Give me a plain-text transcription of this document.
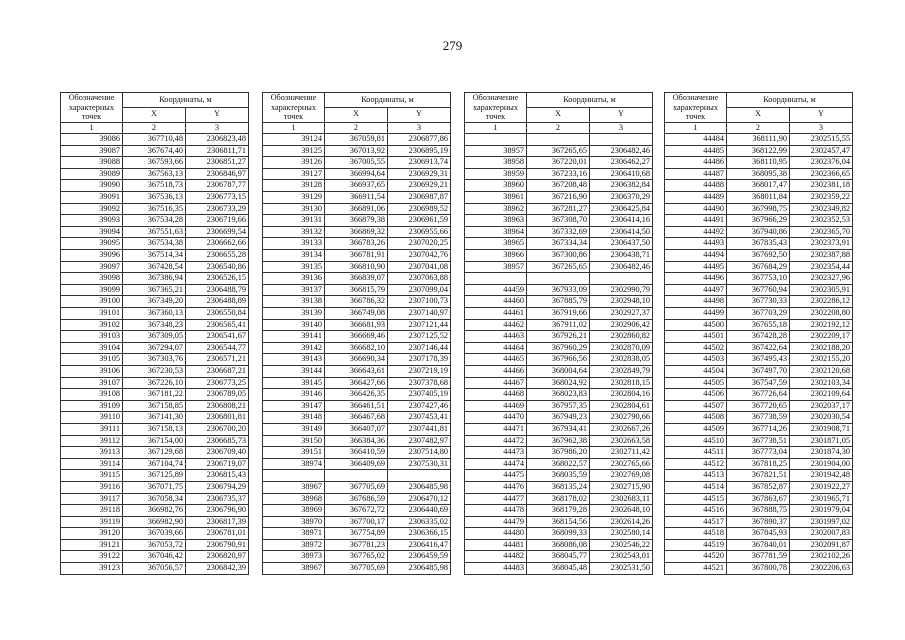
279
Обозначение характерных точек	Координаты, м	
	X	Y
1	2	3
39086	367710,48	2306823,48
39087	367674,40	2306811,71
39088	367593,66	2306851,27
39089	367563,13	2306846,97
39090	367518,73	2306787,77
39091	367536,13	2306773,15
39092	367516,35	2306733,29
39093	367534,28	2306719,66
39094	367551,63	2306699,54
39095	367534,38	2306662,66
39096	367514,34	2306655,28
39097	367428,54	2306540,86
39098	367386,94	2306526,15
39099	367365,21	2306488,79
39100	367349,20	2306488,89
39101	367360,13	2306550,84
39102	367348,23	2306565,41
39103	367309,05	2306541,67
39104	367294,07	2306544,77
39105	367303,76	2306571,21
39106	367230,53	2306687,21
39107	367226,10	2306773,25
39108	367181,22	2306789,05
39109	367158,85	2306808,21
39110	367141,30	2306801,81
39111	367158,13	2306700,20
39112	367154,00	2306685,73
39113	367129,68	2306709,40
39114	367104,74	2306719,07
39115	367125,89	2306815,43
39116	367071,75	2306794,29
39117	367058,34	2306735,37
39118	366982,76	2306796,90
39119	366982,90	2306817,39
39120	367039,66	2306781,01
39121	367053,72	2306790,91
39122	367046,42	2306820,97
39123	367056,57	2306842,39
Обозначение характерных точек	Координаты, м	
	X	Y
1	2	3
39124	367059,81	2306877,86
39125	367013,92	2306895,19
39126	367005,55	2306913,74
39127	366994,64	2306929,31
39128	366937,65	2306929,21
39129	366911,54	2306987,87
39130	366891,06	2306989,52
39131	366879,38	2306961,59
39132	366869,32	2306955,66
39133	366783,26	2307020,25
39134	366781,91	2307042,76
39135	366810,90	2307041,08
39136	366839,07	2307063,88
39137	366815,79	2307099,04
39138	366786,32	2307100,73
39139	366749,08	2307140,97
39140	366681,93	2307121,44
39141	366669,46	2307125,52
39142	366682,10	2307146,44
39143	366690,34	2307178,39
39144	366643,61	2307219,19
39145	366427,66	2307378,68
39146	366426,35	2307405,19
39147	366461,51	2307427,46
39148	366467,68	2307453,41
39149	366407,07	2307441,81
39150	366384,36	2307482,97
39151	366410,59	2307514,80
38974	366409,69	2307530,31

38967	367705,69	2306485,98
38968	367686,59	2306470,12
38969	367672,72	2306440,69
38970	367700,17	2306335,02
38971	367754,89	2306366,15
38972	367781,23	2306416,47
38973	367765,02	2306459,59
38967	367705,69	2306485,98
Обозначение характерных точек	Координаты, м	
	X	Y
1	2	3

38957	367265,65	2306482,46
38958	367220,01	2306462,27
38959	367233,16	2306410,68
38960	367208,48	2306382,84
38961	367216,90	2306370,29
38962	367281,27	2306425,84
38963	367308,70	2306414,16
38964	367332,69	2306414,50
38965	367334,34	2306437,50
38966	367300,86	2306438,71
38957	367265,65	2306482,46

44459	367933,09	2302990,79
44460	367885,79	2302948,10
44461	367919,66	2302927,37
44462	367911,02	2302906,42
44463	367926,21	2302860,82
44464	367960,29	2302870,09
44465	367966,56	2302838,05
44466	368004,64	2302849,79
44467	368024,92	2302818,15
44468	368023,83	2302804,16
44469	367957,35	2302804,61
44470	367949,23	2302790,66
44471	367934,41	2302667,26
44472	367962,38	2302663,58
44473	367986,20	2302711,42
44474	368022,57	2302765,66
44475	368035,59	2302769,08
44476	368135,24	2302715,90
44477	368178,02	2302683,11
44478	368179,28	2302648,10
44479	368154,56	2302614,26
44480	368099,33	2302580,14
44481	368086,08	2302546,22
44482	368045,77	2302543,01
44483	368045,48	2302531,50
Обозначение характерных точек	Координаты, м	
	X	Y
1	2	3
44484	368111,90	2302515,55
44485	368122,99	2302457,47
44486	368110,95	2302376,04
44487	368095,38	2302366,65
44488	368017,47	2302381,18
44489	368011,84	2302359,22
44490	367998,75	2302349,82
44491	367966,29	2302352,53
44492	367940,86	2302365,70
44493	367835,43	2302373,91
44494	367692,50	2302387,88
44495	367684,29	2302354,44
44496	367753,10	2302327,96
44497	367760,94	2302305,91
44498	367730,33	2302286,12
44499	367703,29	2302208,80
44500	367655,18	2302192,12
44501	367428,28	2302209,17
44502	367422,64	2302188,20
44503	367495,43	2302155,20
44504	367497,70	2302120,68
44505	367547,59	2302103,34
44506	367726,64	2302109,64
44507	367720,65	2302037,17
44508	367738,59	2302030,54
44509	367714,26	2301908,71
44510	367738,51	2301871,05
44511	367773,04	2301874,30
44512	367818,25	2301904,00
44513	367821,51	2301942,48
44514	367852,87	2301922,27
44515	367863,67	2301965,71
44516	367888,75	2301979,04
44517	367890,37	2301997,02
44518	367845,93	2302007,83
44519	367840,01	2302091,87
44520	367781,59	2302102,26
44521	367800,78	2302206,63
